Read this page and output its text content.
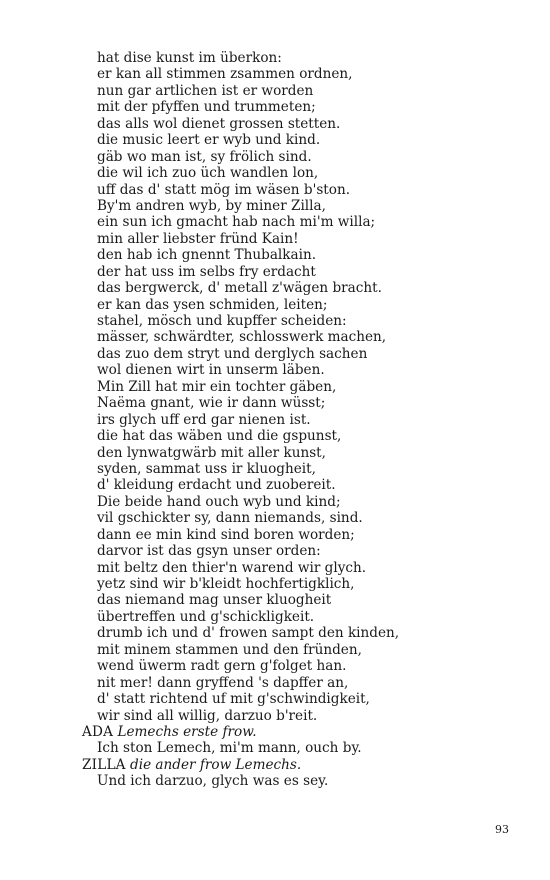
hat dise kunst im überkon:
er kan all stimmen zsammen ordnen,
nun gar artlichen ist er worden
mit der pfyffen und trummeten;
das alls wol dienet grossen stetten.
die music leert er wyb und kind.
gäb wo man ist, sy frölich sind.
die wil ich zuo üch wandlen lon,
uff das d' statt mög im wäsen b'ston.
By'm andren wyb, by miner Zilla,
ein sun ich gmacht hab nach mi'm willa;
min aller liebster fründ Kain!
den hab ich gnennt Thubalkain.
der hat uss im selbs fry erdacht
das bergwerck, d' metall z'wägen bracht.
er kan das ysen schmiden, leiten;
stahel, mösch und kupffer scheiden:
mässer, schwärdter, schlosswerk machen,
das zuo dem stryt und derglych sachen
wol dienen wirt in unserm läben.
Min Zill hat mir ein tochter gäben,
Naëma gnant, wie ir dann wüsst;
irs glych uff erd gar nienen ist.
die hat das wäben und die gspunst,
den lynwatgwärb mit aller kunst,
syden, sammat uss ir kluogheit,
d' kleidung erdacht und zuobereit.
Die beide hand ouch wyb und kind;
vil gschickter sy, dann niemands, sind.
dann ee min kind sind boren worden;
darvor ist das gsyn unser orden:
mit beltz den thier'n warend wir glych.
yetz sind wir b'kleidt hochfertigklich,
das niemand mag unser kluogheit
übertreffen und g'schickligkeit.
drumb ich und d' frowen sampt den kinden,
mit minem stammen und den fründen,
wend üwerm radt gern g'folget han.
nit mer! dann gryffend 's dapffer an,
d' statt richtend uf mit g'schwindigkeit,
wir sind all willig, darzuo b'reit.
ADA Lemechs erste frow.
Ich ston Lemech, mi'm mann, ouch by.
ZILLA die ander frow Lemechs.
Und ich darzuo, glych was es sey.
93
